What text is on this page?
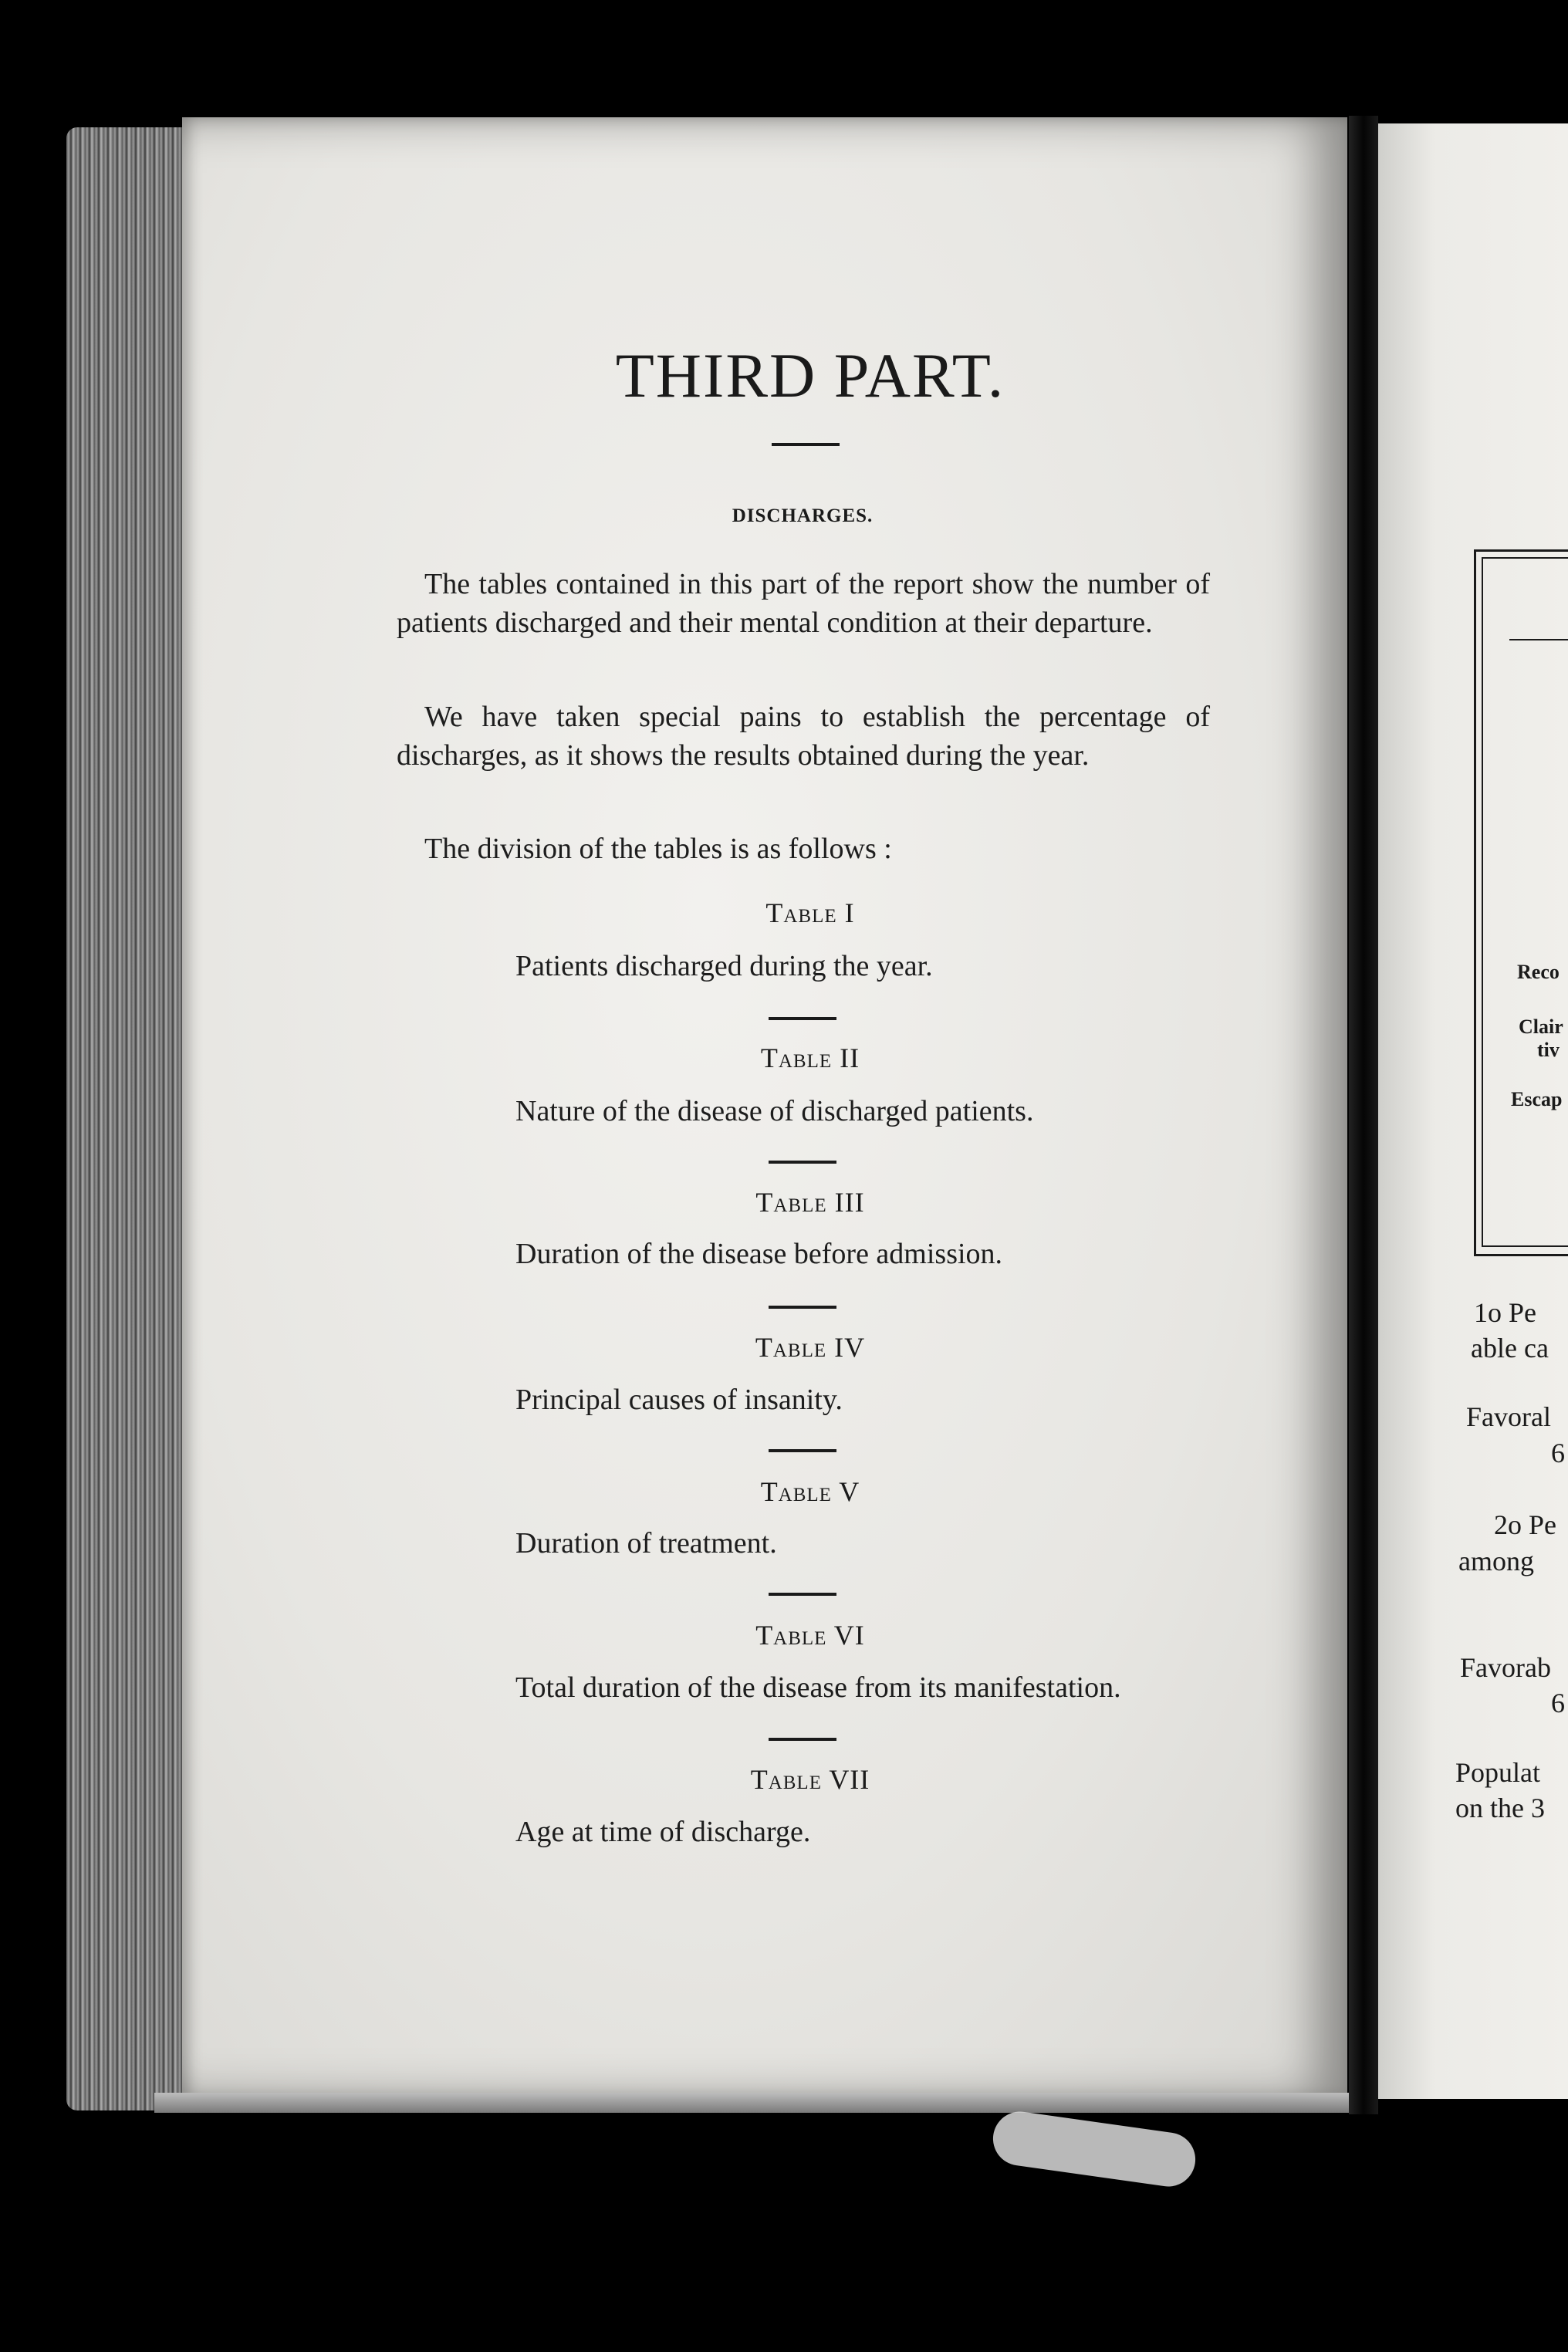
THIRD PART.
DISCHARGES.

The tables contained in this part of the report show the number of patients discharged and their mental condition at their departure.

We have taken special pains to establish the percentage of discharges, as it shows the results obtained during the year.

The division of the tables is as follows :

Table I
Patients discharged during the year.
Table II
Nature of the disease of discharged patients.
Table III
Duration of the disease before admission.
Table IV
Principal causes of insanity.
Table V
Duration of treatment.
Table VI
Total duration of the disease from its manifestation.
Table VII
Age at time of discharge.
Reco
Clair
tiv
Escap
1o Pe
able ca
Favoral
6
2o Pe
among
Favorab
6
Populat
on the 3
